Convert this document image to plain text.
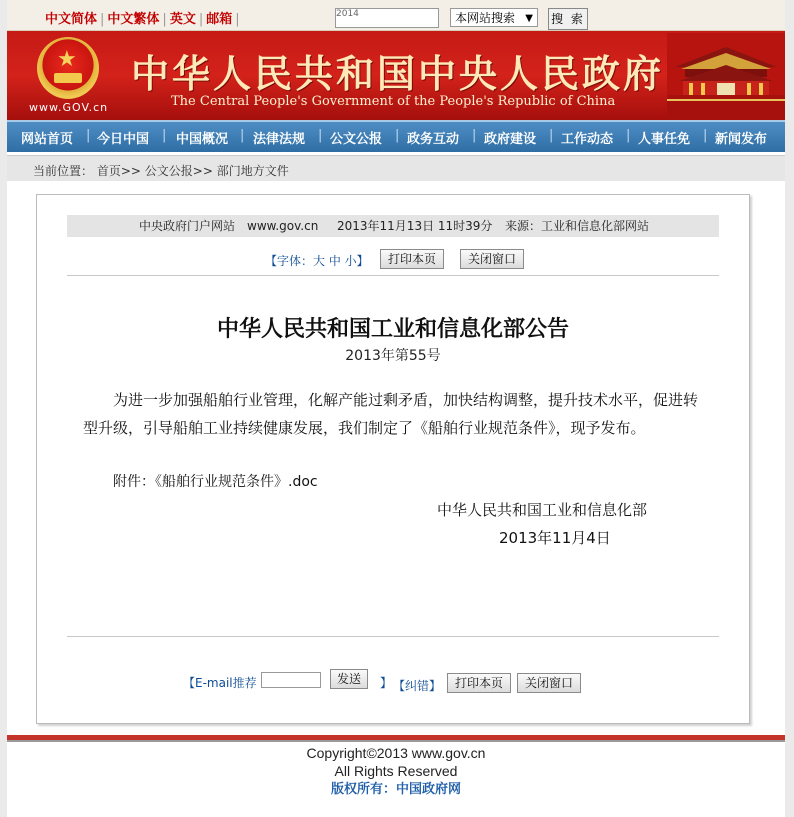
中文简体 | 中文繁体 | 英文 | 邮箱 |	2014	本网站搜索 ▼ 搜 索
★
www.GOV.cn
中华人民共和国中央人民政府
The Central People's Government of the People's Republic of China
网站首页 | 今日中国 | 中国概况 | 法律法规 | 公文公报 | 政务互动 | 政府建设 | 工作动态 | 人事任免 | 新闻发布
当前位置： 首页>> 公文公报>> 部门地方文件
中央政府门户网站 www.gov.cn 2013年11月13日 11时39分 来源：工业和信息化部网站
【字体：大 中 小】	打印本页	关闭窗口
中华人民共和国工业和信息化部公告
2013年第55号
为进一步加强船舶行业管理，化解产能过剩矛盾，加快结构调整，提升技术水平，促进转型升级，引导船舶工业持续健康发展，我们制定了《船舶行业规范条件》，现予发布。
附件：《船舶行业规范条件》.doc
中华人民共和国工业和信息化部
2013年11月4日
【E-mail推荐	发送	】 【纠错】	打印本页	关闭窗口
Copyright©2013 www.gov.cn
All Rights Reserved
版权所有：中国政府网
